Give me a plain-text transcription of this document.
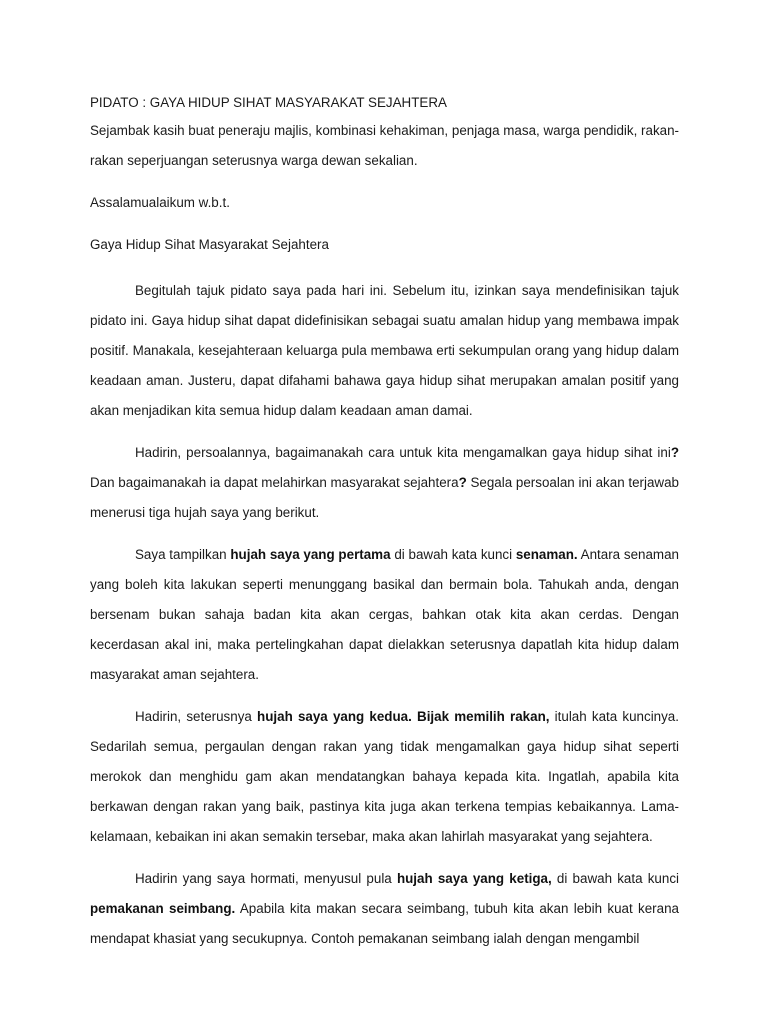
PIDATO : GAYA HIDUP SIHAT MASYARAKAT SEJAHTERA

Sejambak kasih buat peneraju majlis, kombinasi kehakiman, penjaga masa, warga pendidik, rakan-rakan seperjuangan seterusnya warga dewan sekalian.

Assalamualaikum w.b.t.

Gaya Hidup Sihat Masyarakat Sejahtera

Begitulah tajuk pidato saya pada hari ini. Sebelum itu, izinkan saya mendefinisikan tajuk pidato ini. Gaya hidup sihat dapat didefinisikan sebagai suatu amalan hidup yang membawa impak positif. Manakala, kesejahteraan keluarga pula membawa erti sekumpulan orang yang hidup dalam keadaan aman. Justeru, dapat difahami bahawa gaya hidup sihat merupakan amalan positif yang akan menjadikan kita semua hidup dalam keadaan aman damai.

Hadirin, persoalannya, bagaimanakah cara untuk kita mengamalkan gaya hidup sihat ini? Dan bagaimanakah ia dapat melahirkan masyarakat sejahtera? Segala persoalan ini akan terjawab menerusi tiga hujah saya yang berikut.

Saya tampilkan hujah saya yang pertama di bawah kata kunci senaman. Antara senaman yang boleh kita lakukan seperti menunggang basikal dan bermain bola. Tahukah anda, dengan bersenam bukan sahaja badan kita akan cergas, bahkan otak kita akan cerdas. Dengan kecerdasan akal ini, maka pertelingkahan dapat dielakkan seterusnya dapatlah kita hidup dalam masyarakat aman sejahtera.

Hadirin, seterusnya hujah saya yang kedua. Bijak memilih rakan, itulah kata kuncinya. Sedarilah semua, pergaulan dengan rakan yang tidak mengamalkan gaya hidup sihat seperti merokok dan menghidu gam akan mendatangkan bahaya kepada kita. Ingatlah, apabila kita berkawan dengan rakan yang baik, pastinya kita juga akan terkena tempias kebaikannya. Lama-kelamaan, kebaikan ini akan semakin tersebar, maka akan lahirlah masyarakat yang sejahtera.

Hadirin yang saya hormati, menyusul pula hujah saya yang ketiga, di bawah kata kunci pemakanan seimbang. Apabila kita makan secara seimbang, tubuh kita akan lebih kuat kerana mendapat khasiat yang secukupnya. Contoh pemakanan seimbang ialah dengan mengambil
